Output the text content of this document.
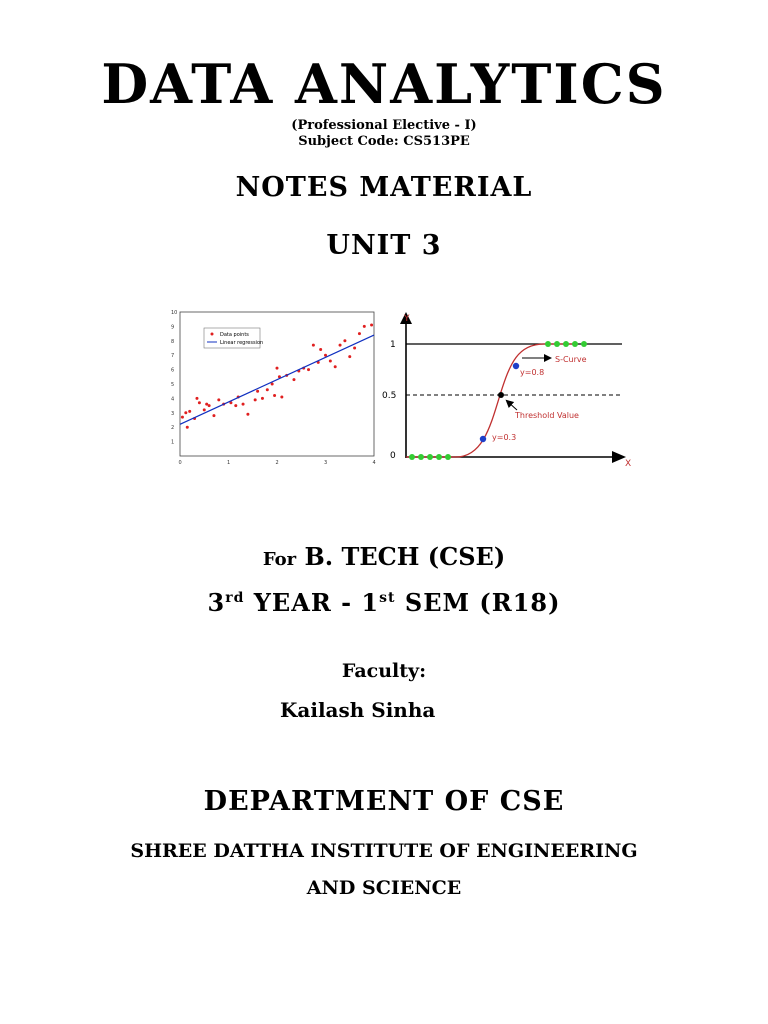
DATA ANALYTICS
(Professional Elective - I)
Subject Code: CS513PE
NOTES MATERIAL
UNIT 3
1
2
3
4
5
6
7
8
9
10
0	1	2	3	4
Data points
Linear regression
Y
X
1
0.5
0
S-Curve
y=0.8
Threshold Value
y=0.3
For B. TECH (CSE)
3rd YEAR - 1st SEM (R18)
Faculty:
Kailash Sinha
DEPARTMENT OF CSE
SHREE DATTHA INSTITUTE OF ENGINEERING
AND SCIENCE
